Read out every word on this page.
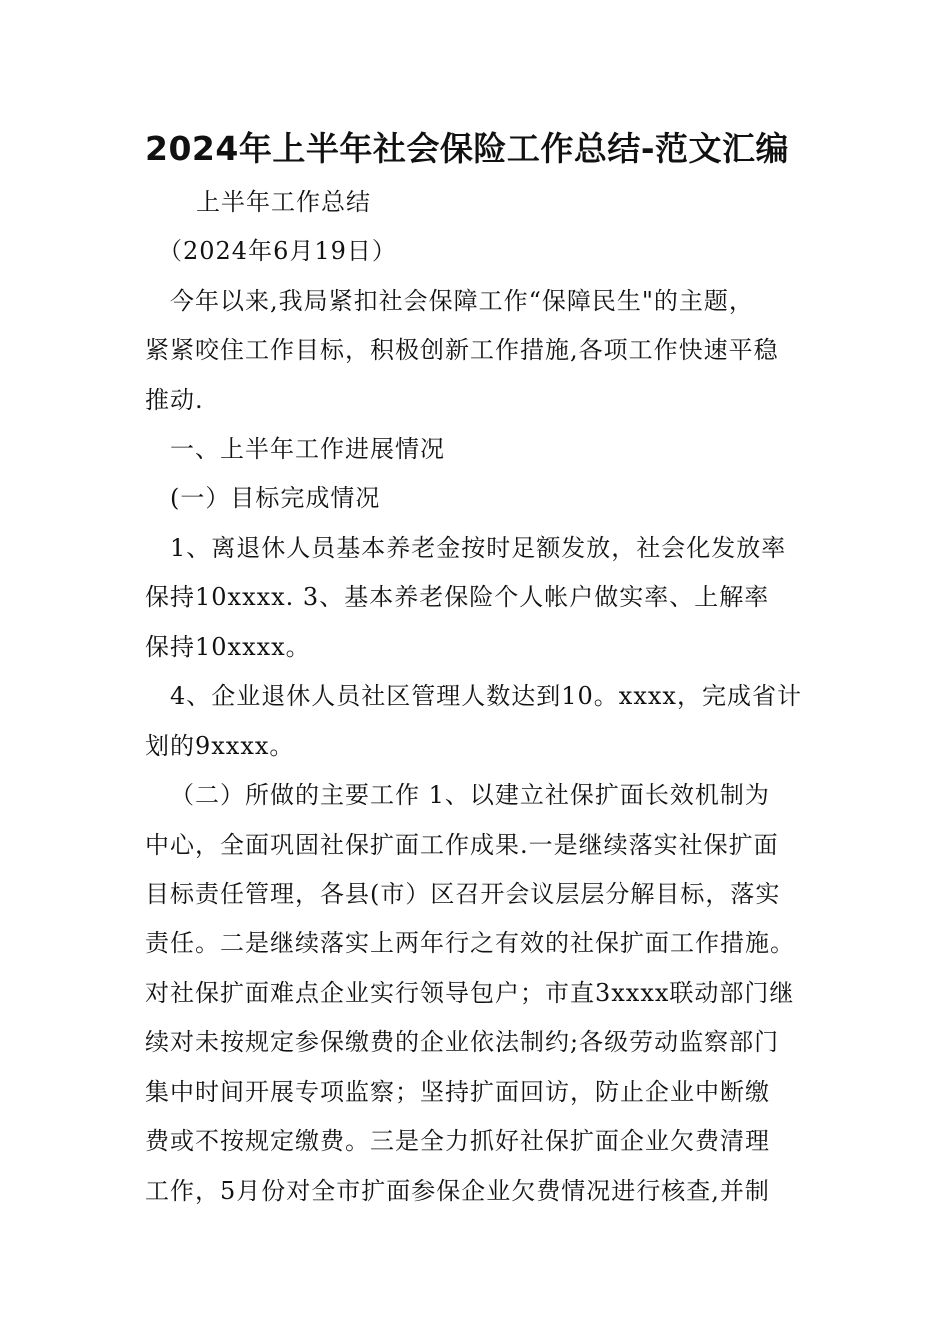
2024年上半年社会保险工作总结-范文汇编
上半年工作总结
（2024年6月19日）
今年以来,我局紧扣社会保障工作“保障民生"的主题，
紧紧咬住工作目标，积极创新工作措施,各项工作快速平稳
推动.
一、上半年工作进展情况
(一）目标完成情况
1、离退休人员基本养老金按时足额发放，社会化发放率
保持10xxxx. 3、基本养老保险个人帐户做实率、上解率
保持10xxxx。
4、企业退休人员社区管理人数达到10。xxxx，完成省计
划的9xxxx。
（二）所做的主要工作 1、以建立社保扩面长效机制为
中心，全面巩固社保扩面工作成果.一是继续落实社保扩面
目标责任管理，各县(市）区召开会议层层分解目标，落实
责任。二是继续落实上两年行之有效的社保扩面工作措施。
对社保扩面难点企业实行领导包户；市直3xxxx联动部门继
续对未按规定参保缴费的企业依法制约;各级劳动监察部门
集中时间开展专项监察；坚持扩面回访，防止企业中断缴
费或不按规定缴费。三是全力抓好社保扩面企业欠费清理
工作，5月份对全市扩面参保企业欠费情况进行核查,并制
